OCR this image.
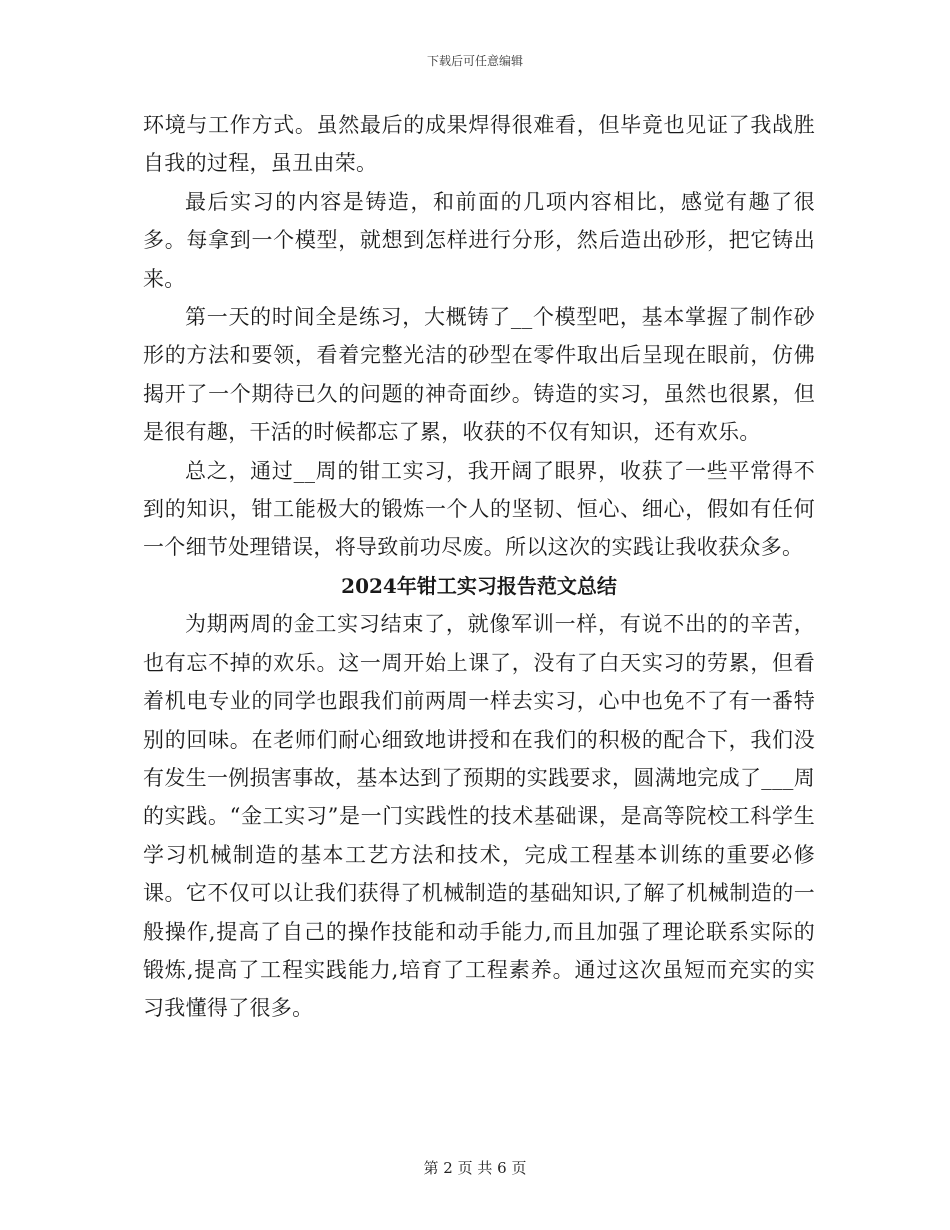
下载后可任意编辑

环境与工作方式。虽然最后的成果焊得很难看，但毕竟也见证了我战胜自我的过程，虽丑由荣。

最后实习的内容是铸造，和前面的几项内容相比，感觉有趣了很多。每拿到一个模型，就想到怎样进行分形，然后造出砂形，把它铸出来。

第一天的时间全是练习，大概铸了__个模型吧，基本掌握了制作砂形的方法和要领，看着完整光洁的砂型在零件取出后呈现在眼前，仿佛揭开了一个期待已久的问题的神奇面纱。铸造的实习，虽然也很累，但是很有趣，干活的时候都忘了累，收获的不仅有知识，还有欢乐。

总之，通过__周的钳工实习，我开阔了眼界，收获了一些平常得不到的知识，钳工能极大的锻炼一个人的坚韧、恒心、细心，假如有任何一个细节处理错误，将导致前功尽废。所以这次的实践让我收获众多。

2024年钳工实习报告范文总结

为期两周的金工实习结束了，就像军训一样，有说不出的的辛苦，也有忘不掉的欢乐。这一周开始上课了，没有了白天实习的劳累，但看着机电专业的同学也跟我们前两周一样去实习，心中也免不了有一番特别的回味。在老师们耐心细致地讲授和在我们的积极的配合下，我们没有发生一例损害事故，基本达到了预期的实践要求，圆满地完成了___周的实践。“金工实习”是一门实践性的技术基础课，是高等院校工科学生学习机械制造的基本工艺方法和技术，完成工程基本训练的重要必修课。它不仅可以让我们获得了机械制造的基础知识,了解了机械制造的一般操作,提高了自己的操作技能和动手能力,而且加强了理论联系实际的锻炼,提高了工程实践能力,培育了工程素养。通过这次虽短而充实的实习我懂得了很多。

第 2 页 共 6 页
